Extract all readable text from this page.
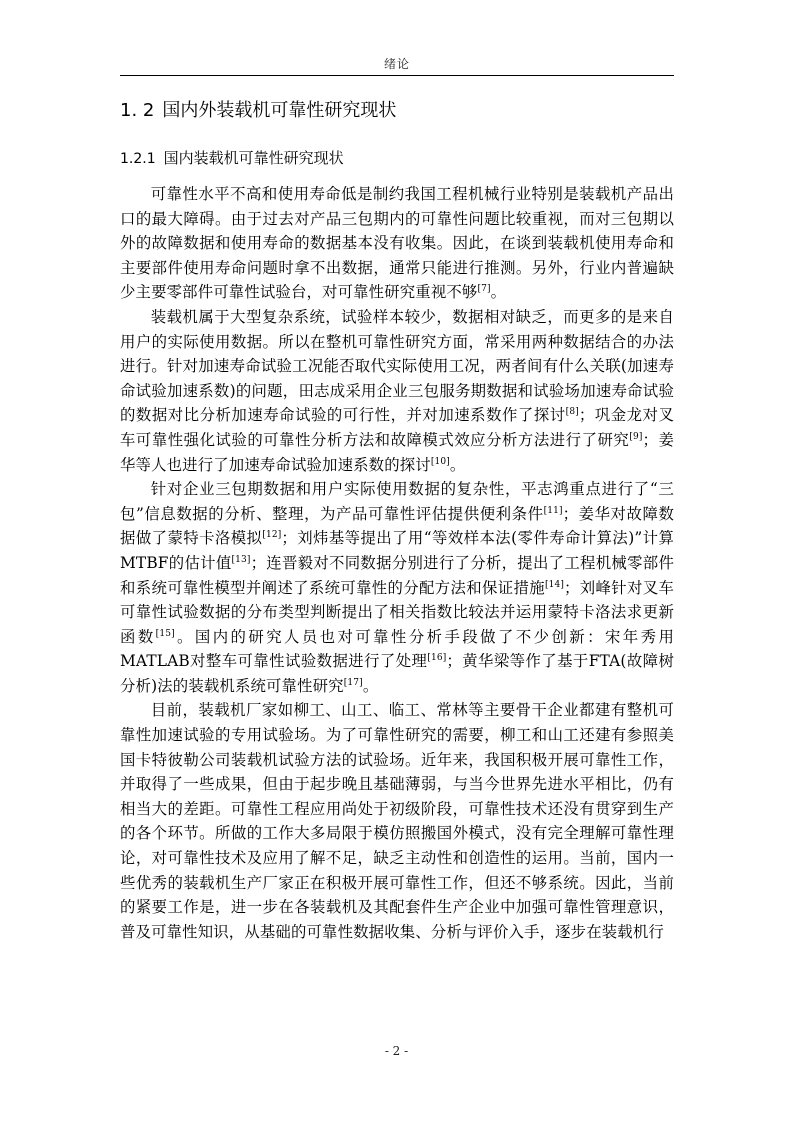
绪论
1. 2 国内外装载机可靠性研究现状
1.2.1 国内装载机可靠性研究现状

可靠性水平不高和使用寿命低是制约我国工程机械行业特别是装载机产品出口的最大障碍。由于过去对产品三包期内的可靠性问题比较重视，而对三包期以外的故障数据和使用寿命的数据基本没有收集。因此，在谈到装载机使用寿命和主要部件使用寿命问题时拿不出数据，通常只能进行推测。另外，行业内普遍缺少主要零部件可靠性试验台，对可靠性研究重视不够[7]。

装载机属于大型复杂系统，试验样本较少，数据相对缺乏，而更多的是来自用户的实际使用数据。所以在整机可靠性研究方面，常采用两种数据结合的办法进行。针对加速寿命试验工况能否取代实际使用工况，两者间有什么关联(加速寿命试验加速系数)的问题，田志成采用企业三包服务期数据和试验场加速寿命试验的数据对比分析加速寿命试验的可行性，并对加速系数作了探讨[8]；巩金龙对叉车可靠性强化试验的可靠性分析方法和故障模式效应分析方法进行了研究[9]；姜华等人也进行了加速寿命试验加速系数的探讨[10]。

针对企业三包期数据和用户实际使用数据的复杂性，平志鸿重点进行了“三包”信息数据的分析、整理，为产品可靠性评估提供便利条件[11]；姜华对故障数据做了蒙特卡洛模拟[12]；刘炜基等提出了用“等效样本法(零件寿命计算法)”计算MTBF的估计值[13]；连晋毅对不同数据分别进行了分析，提出了工程机械零部件和系统可靠性模型并阐述了系统可靠性的分配方法和保证措施[14]；刘峰针对叉车可靠性试验数据的分布类型判断提出了相关指数比较法并运用蒙特卡洛法求更新函数[15]。国内的研究人员也对可靠性分析手段做了不少创新：宋年秀用MATLAB对整车可靠性试验数据进行了处理[16]；黄华梁等作了基于FTA(故障树分析)法的装载机系统可靠性研究[17]。

目前，装载机厂家如柳工、山工、临工、常林等主要骨干企业都建有整机可靠性加速试验的专用试验场。为了可靠性研究的需要，柳工和山工还建有参照美国卡特彼勒公司装载机试验方法的试验场。近年来，我国积极开展可靠性工作，并取得了一些成果，但由于起步晚且基础薄弱，与当今世界先进水平相比，仍有相当大的差距。可靠性工程应用尚处于初级阶段，可靠性技术还没有贯穿到生产的各个环节。所做的工作大多局限于模仿照搬国外模式，没有完全理解可靠性理论，对可靠性技术及应用了解不足，缺乏主动性和创造性的运用。当前，国内一些优秀的装载机生产厂家正在积极开展可靠性工作，但还不够系统。因此，当前的紧要工作是，进一步在各装载机及其配套件生产企业中加强可靠性管理意识，普及可靠性知识，从基础的可靠性数据收集、分析与评价入手，逐步在装载机行

- 2 -
